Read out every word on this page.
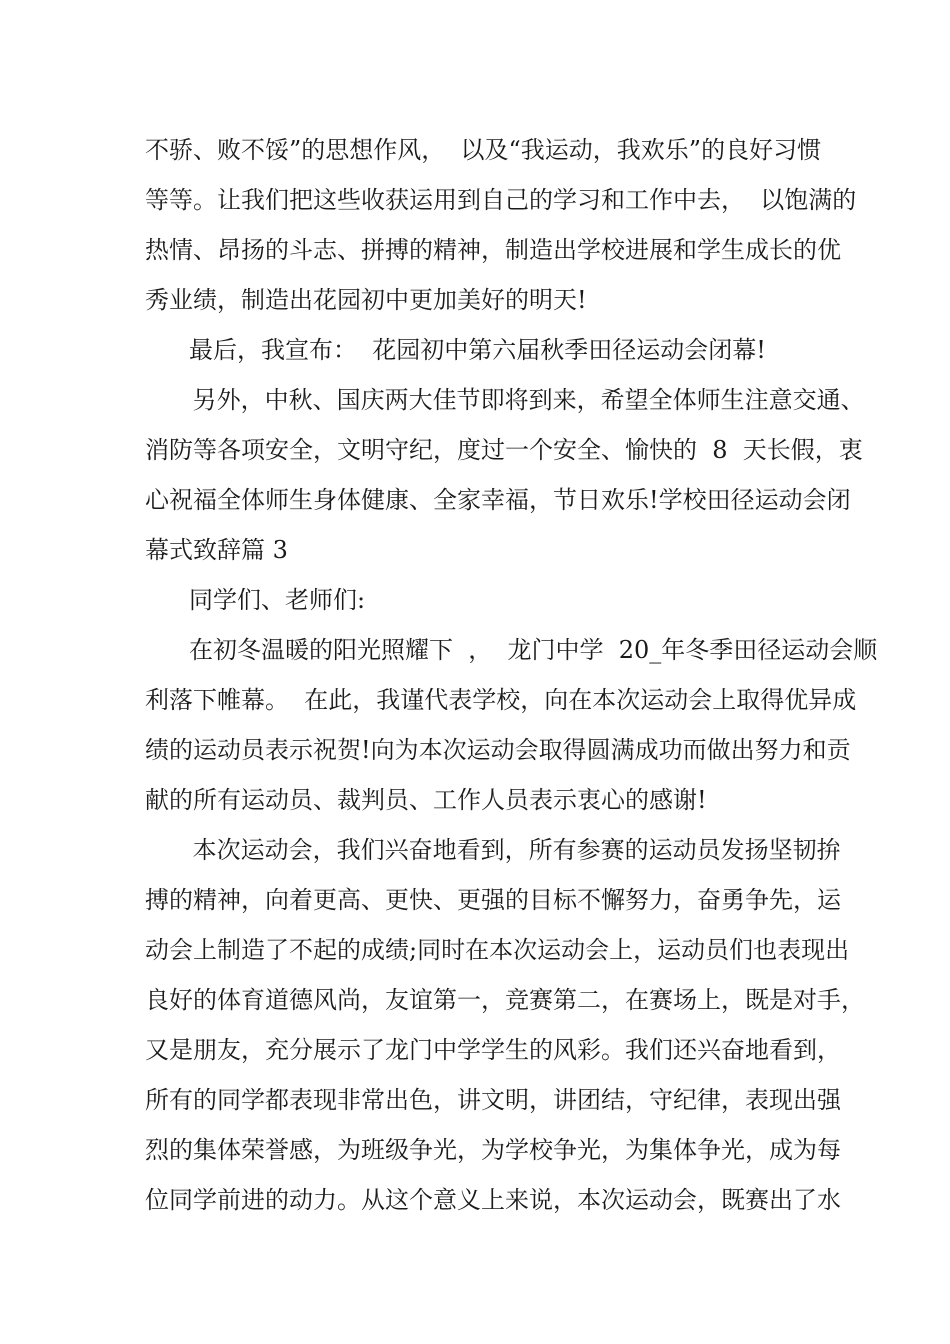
不骄、败不馁”的思想作风，  以及“我运动，我欢乐”的良好习惯
等等。让我们把这些收获运用到自己的学习和工作中去，  以饱满的
热情、昂扬的斗志、拼搏的精神，制造出学校进展和学生成长的优
秀业绩，制造出花园初中更加美好的明天!
最后，我宣布：  花园初中第六届秋季田径运动会闭幕!
另外，中秋、国庆两大佳节即将到来，希望全体师生注意交通、
消防等各项安全，文明守纪，度过一个安全、愉快的  8  天长假，衷
心祝福全体师生身体健康、全家幸福，节日欢乐!学校田径运动会闭
幕式致辞篇 3
同学们、老师们:
在初冬温暖的阳光照耀下  ，  龙门中学  20_年冬季田径运动会顺
利落下帷幕。  在此，我谨代表学校，向在本次运动会上取得优异成
绩的运动员表示祝贺!向为本次运动会取得圆满成功而做出努力和贡
献的所有运动员、裁判员、工作人员表示衷心的感谢!
本次运动会，我们兴奋地看到，所有参赛的运动员发扬坚韧拚
搏的精神，向着更高、更快、更强的目标不懈努力，奋勇争先，运
动会上制造了不起的成绩;同时在本次运动会上，运动员们也表现出
良好的体育道德风尚，友谊第一，竞赛第二，在赛场上，既是对手，
又是朋友，充分展示了龙门中学学生的风彩。我们还兴奋地看到，
所有的同学都表现非常出色，讲文明，讲团结，守纪律，表现出强
烈的集体荣誉感，为班级争光，为学校争光，为集体争光，成为每
位同学前进的动力。从这个意义上来说，本次运动会，既赛出了水
